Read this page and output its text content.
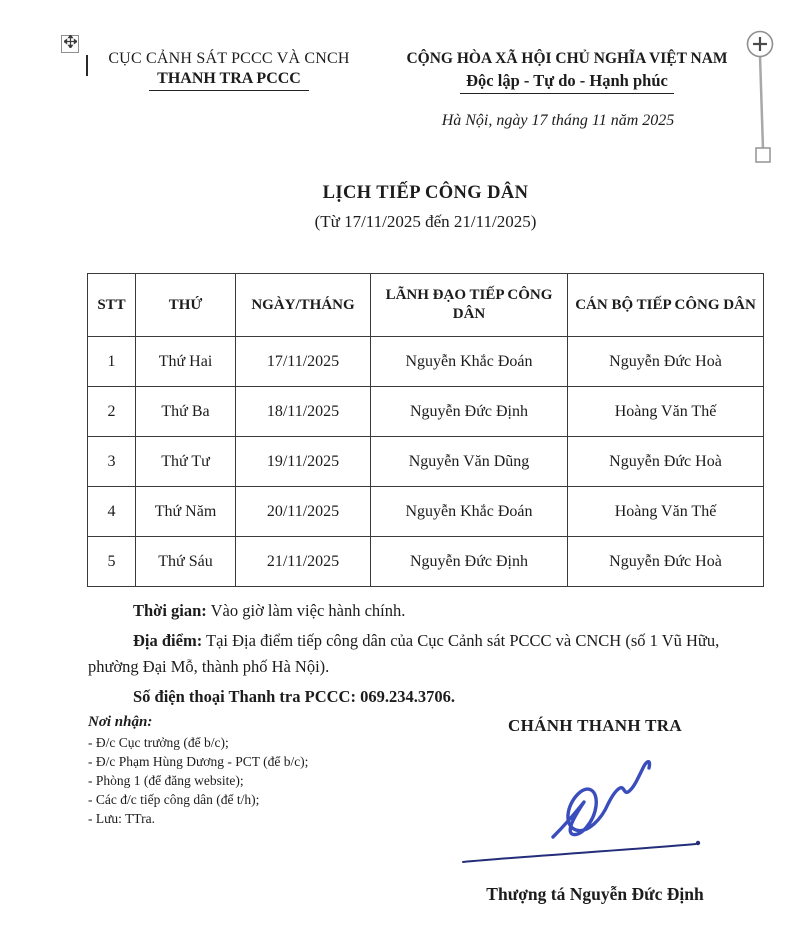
CỤC CẢNH SÁT PCCC VÀ CNCH
THANH TRA PCCC
CỘNG HÒA XÃ HỘI CHỦ NGHĨA VIỆT NAM
Độc lập - Tự do - Hạnh phúc
Hà Nội, ngày 17 tháng 11 năm 2025
LỊCH TIẾP CÔNG DÂN
(Từ 17/11/2025 đến 21/11/2025)
STT	THỨ	NGÀY/THÁNG	LÃNH ĐẠO TIẾP CÔNG DÂN	CÁN BỘ TIẾP CÔNG DÂN
1	Thứ Hai	17/11/2025	Nguyễn Khắc Đoán	Nguyễn Đức Hoà
2	Thứ Ba	18/11/2025	Nguyễn Đức Định	Hoàng Văn Thế
3	Thứ Tư	19/11/2025	Nguyễn Văn Dũng	Nguyễn Đức Hoà
4	Thứ Năm	20/11/2025	Nguyễn Khắc Đoán	Hoàng Văn Thế
5	Thứ Sáu	21/11/2025	Nguyễn Đức Định	Nguyễn Đức Hoà

Thời gian: Vào giờ làm việc hành chính.

Địa điểm: Tại Địa điểm tiếp công dân của Cục Cảnh sát PCCC và CNCH (số 1 Vũ Hữu, phường Đại Mỗ, thành phố Hà Nội).

Số điện thoại Thanh tra PCCC: 069.234.3706.

Nơi nhận:
- Đ/c Cục trưởng (để b/c);
- Đ/c Phạm Hùng Dương - PCT (để b/c);
- Phòng 1 (để đăng website);
- Các đ/c tiếp công dân (để t/h);
- Lưu: TTra.
CHÁNH THANH TRA
Thượng tá Nguyễn Đức Định
